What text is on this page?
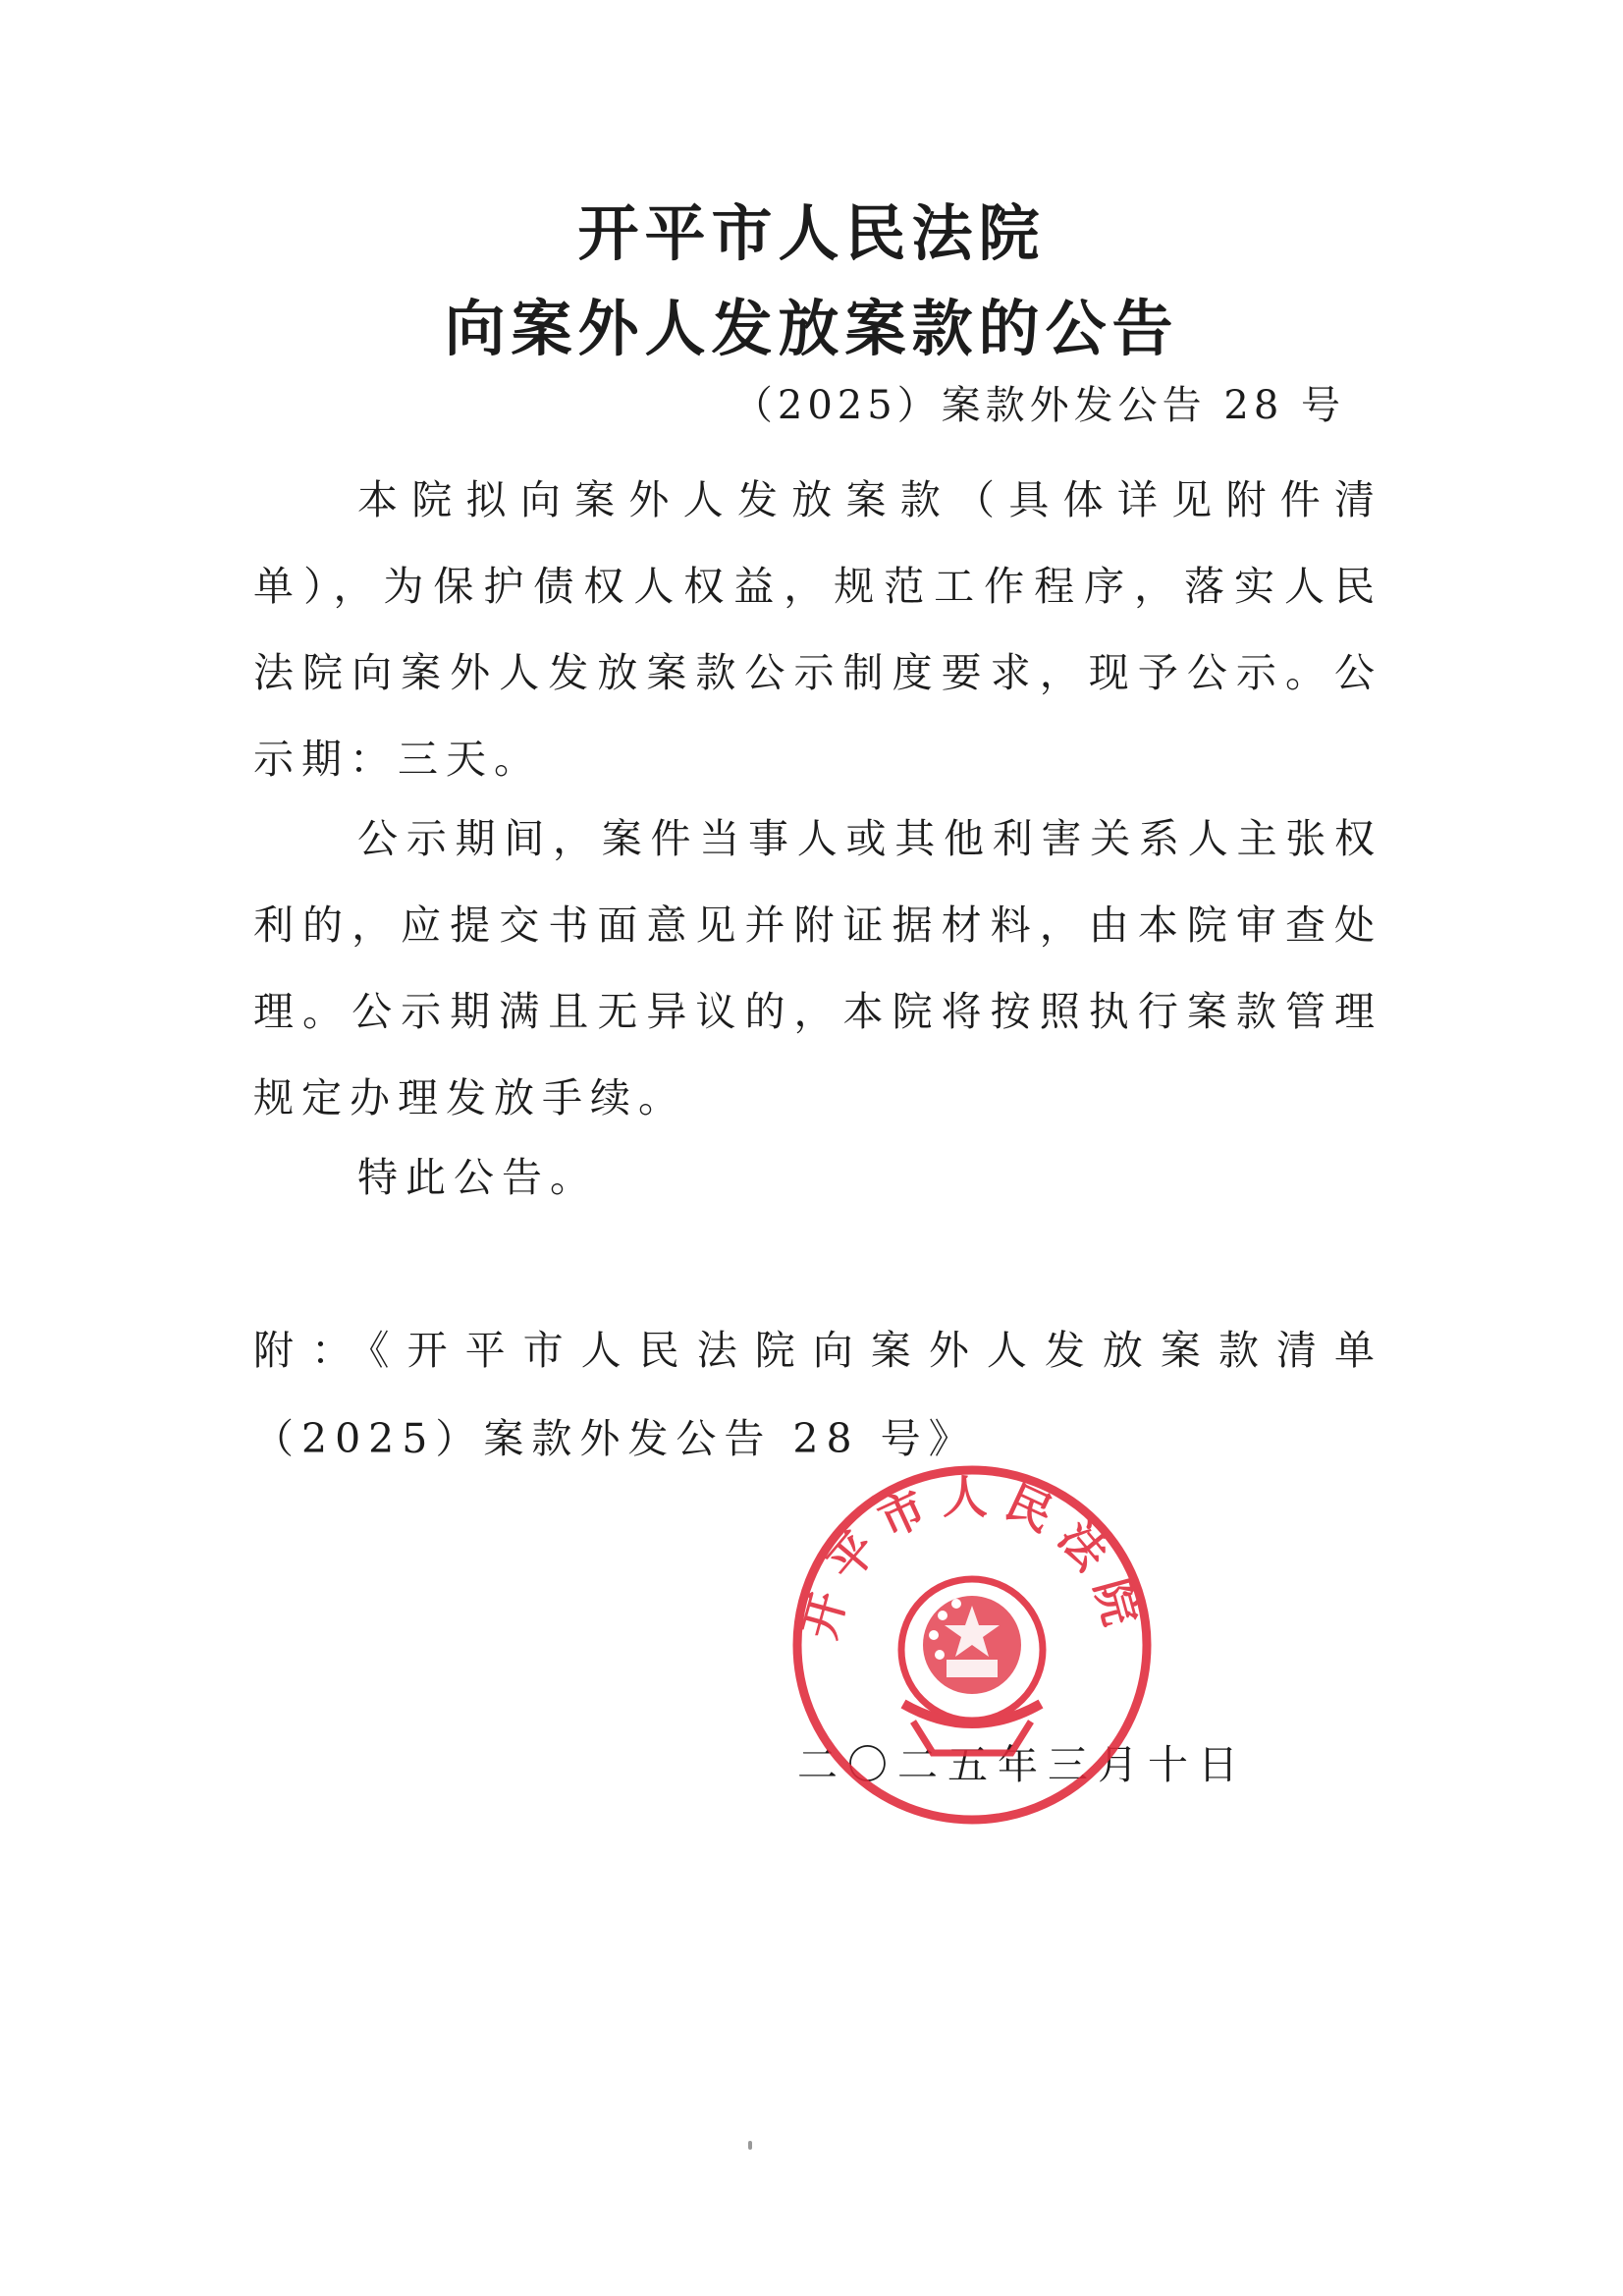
开平市人民法院
向案外人发放案款的公告
（2025）案款外发公告 28 号

本院拟向案外人发放案款（具体详见附件清单），为保护债权人权益，规范工作程序，落实人民法院向案外人发放案款公示制度要求，现予公示。公示期：三天。

公示期间，案件当事人或其他利害关系人主张权利的，应提交书面意见并附证据材料，由本院审查处理。公示期满且无异议的，本院将按照执行案款管理规定办理发放手续。

特此公告。

附：《开平市人民法院向案外人发放案款清单（2025）案款外发公告 28 号》

二〇二五年三月十日
开平市人民法院
